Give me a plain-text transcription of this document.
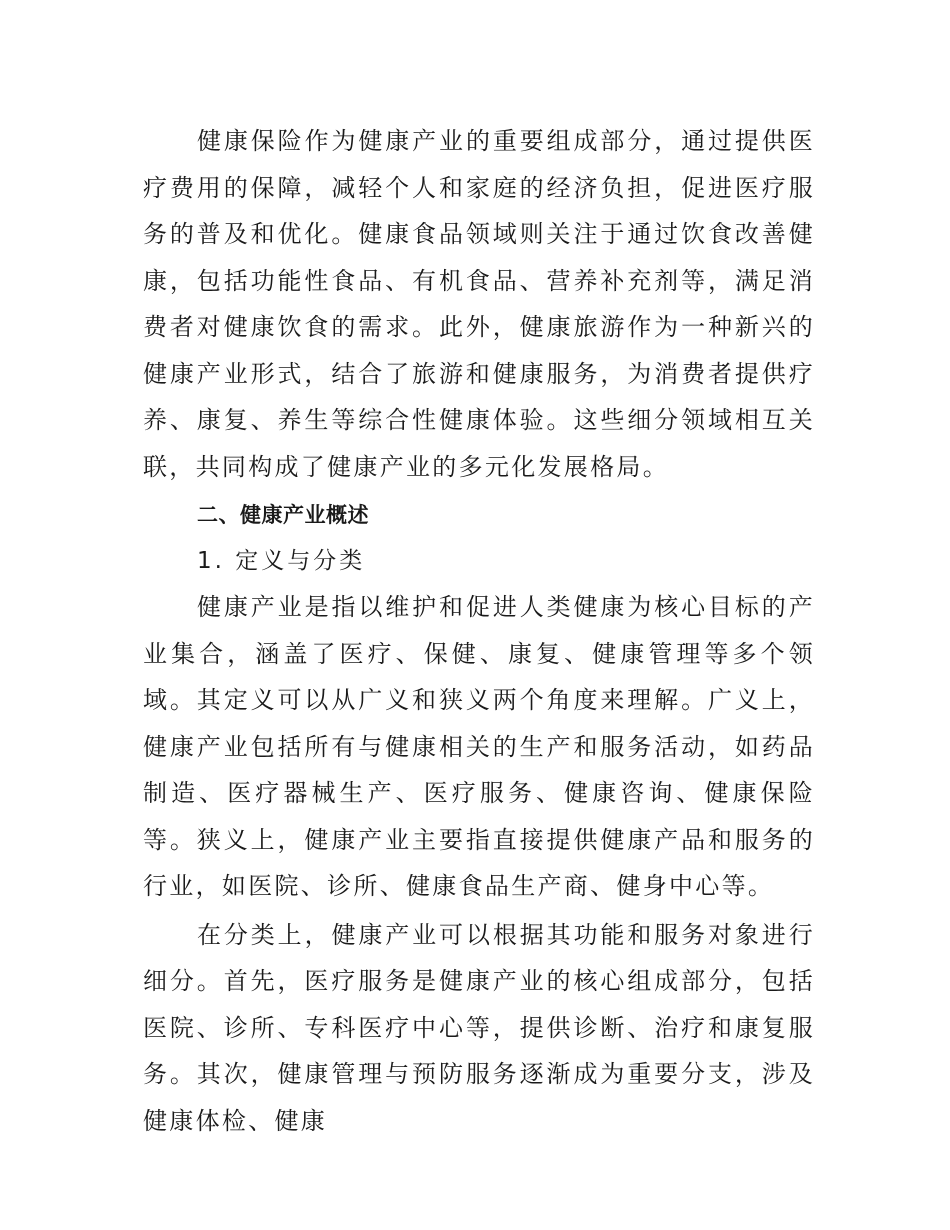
健康保险作为健康产业的重要组成部分，通过提供医疗费用的保障，减轻个人和家庭的经济负担，促进医疗服务的普及和优化。健康食品领域则关注于通过饮食改善健康，包括功能性食品、有机食品、营养补充剂等，满足消费者对健康饮食的需求。此外，健康旅游作为一种新兴的健康产业形式，结合了旅游和健康服务，为消费者提供疗养、康复、养生等综合性健康体验。这些细分领域相互关联，共同构成了健康产业的多元化发展格局。

二、健康产业概述

1. 定义与分类

健康产业是指以维护和促进人类健康为核心目标的产业集合，涵盖了医疗、保健、康复、健康管理等多个领域。其定义可以从广义和狭义两个角度来理解。广义上，健康产业包括所有与健康相关的生产和服务活动，如药品制造、医疗器械生产、医疗服务、健康咨询、健康保险等。狭义上，健康产业主要指直接提供健康产品和服务的行业，如医院、诊所、健康食品生产商、健身中心等。

在分类上，健康产业可以根据其功能和服务对象进行细分。首先，医疗服务是健康产业的核心组成部分，包括医院、诊所、专科医疗中心等，提供诊断、治疗和康复服务。其次，健康管理与预防服务逐渐成为重要分支，涉及健康体检、健康
